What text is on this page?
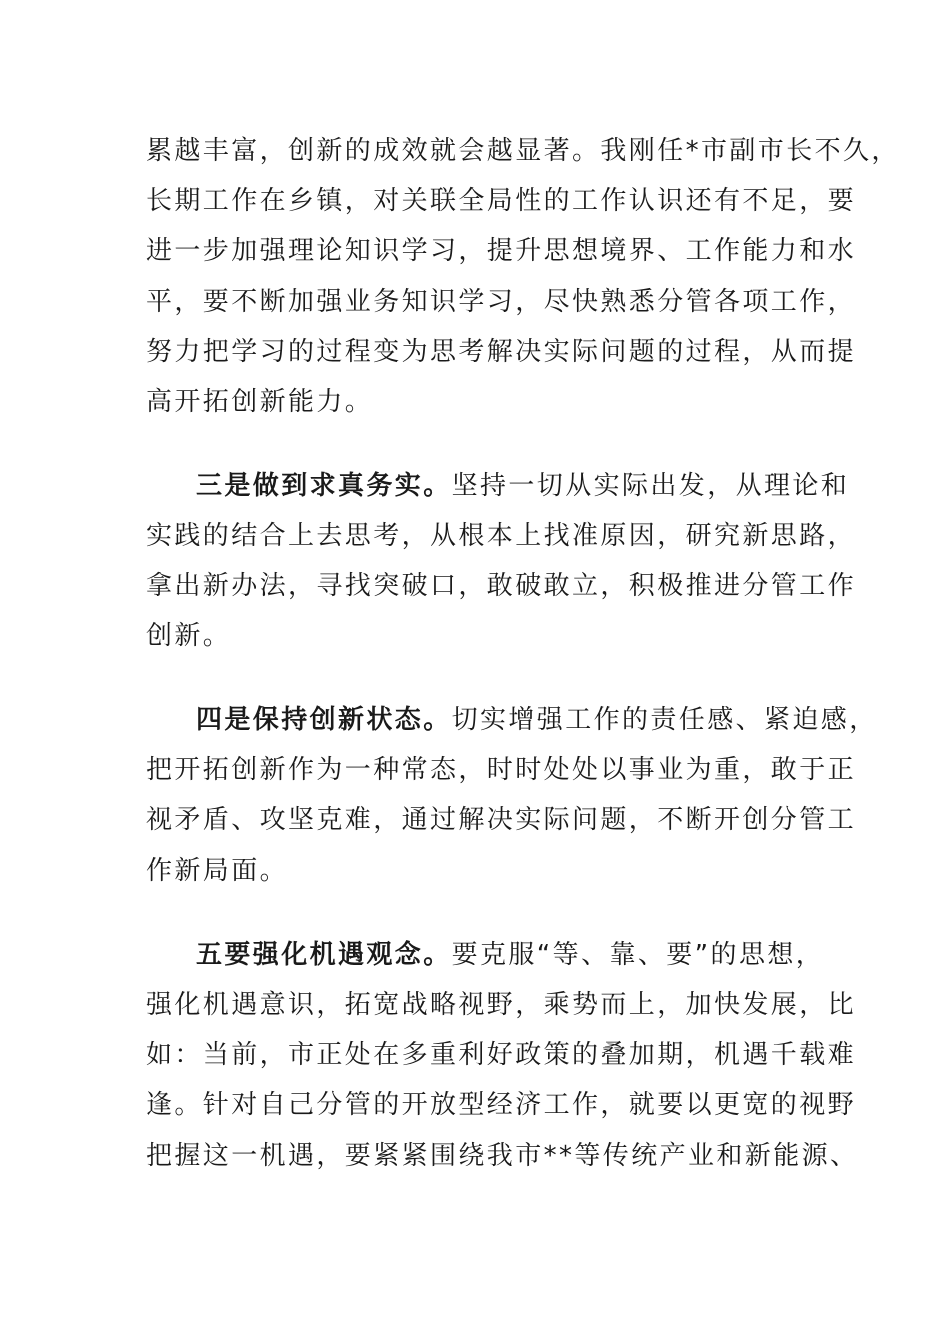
累越丰富，创新的成效就会越显著。我刚任*市副市长不久，
长期工作在乡镇，对关联全局性的工作认识还有不足，要
进一步加强理论知识学习，提升思想境界、工作能力和水
平，要不断加强业务知识学习，尽快熟悉分管各项工作，
努力把学习的过程变为思考解决实际问题的过程，从而提
高开拓创新能力。
三是做到求真务实。坚持一切从实际出发，从理论和
实践的结合上去思考，从根本上找准原因，研究新思路，
拿出新办法，寻找突破口，敢破敢立，积极推进分管工作
创新。
四是保持创新状态。切实增强工作的责任感、紧迫感，
把开拓创新作为一种常态，时时处处以事业为重，敢于正
视矛盾、攻坚克难，通过解决实际问题，不断开创分管工
作新局面。
五要强化机遇观念。要克服“等、靠、要”的思想，
强化机遇意识，拓宽战略视野，乘势而上，加快发展，比
如：当前，市正处在多重利好政策的叠加期，机遇千载难
逢。针对自己分管的开放型经济工作，就要以更宽的视野
把握这一机遇，要紧紧围绕我市**等传统产业和新能源、
